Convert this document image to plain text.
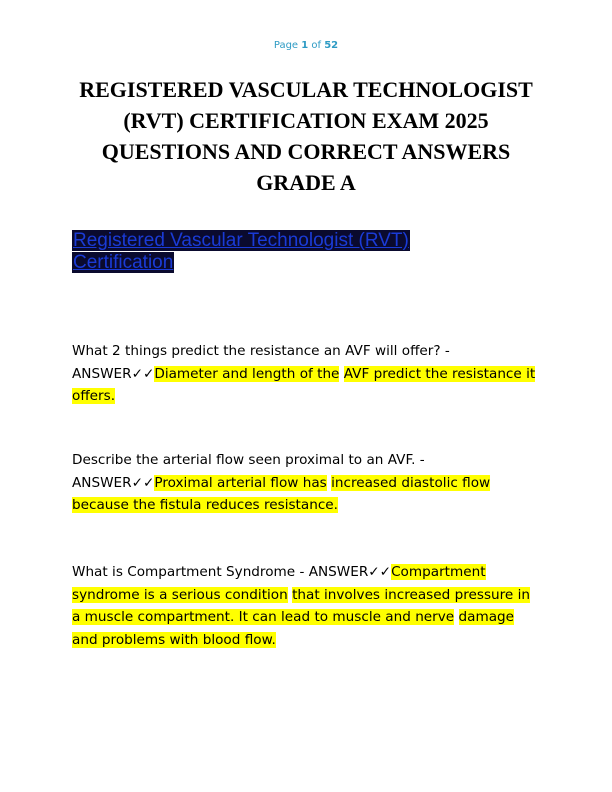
Page 1 of 52
REGISTERED VASCULAR TECHNOLOGIST
(RVT) CERTIFICATION EXAM 2025
QUESTIONS AND CORRECT ANSWERS
GRADE A
Registered Vascular Technologist (RVT) Certification

What 2 things predict the resistance an AVF will offer? - ANSWER✓✓Diameter and length of the AVF predict the resistance it offers.

Describe the arterial flow seen proximal to an AVF. - ANSWER✓✓Proximal arterial flow has increased diastolic flow because the fistula reduces resistance.

What is Compartment Syndrome - ANSWER✓✓Compartment syndrome is a serious condition that involves increased pressure in a muscle compartment. It can lead to muscle and nerve damage and problems with blood flow.
